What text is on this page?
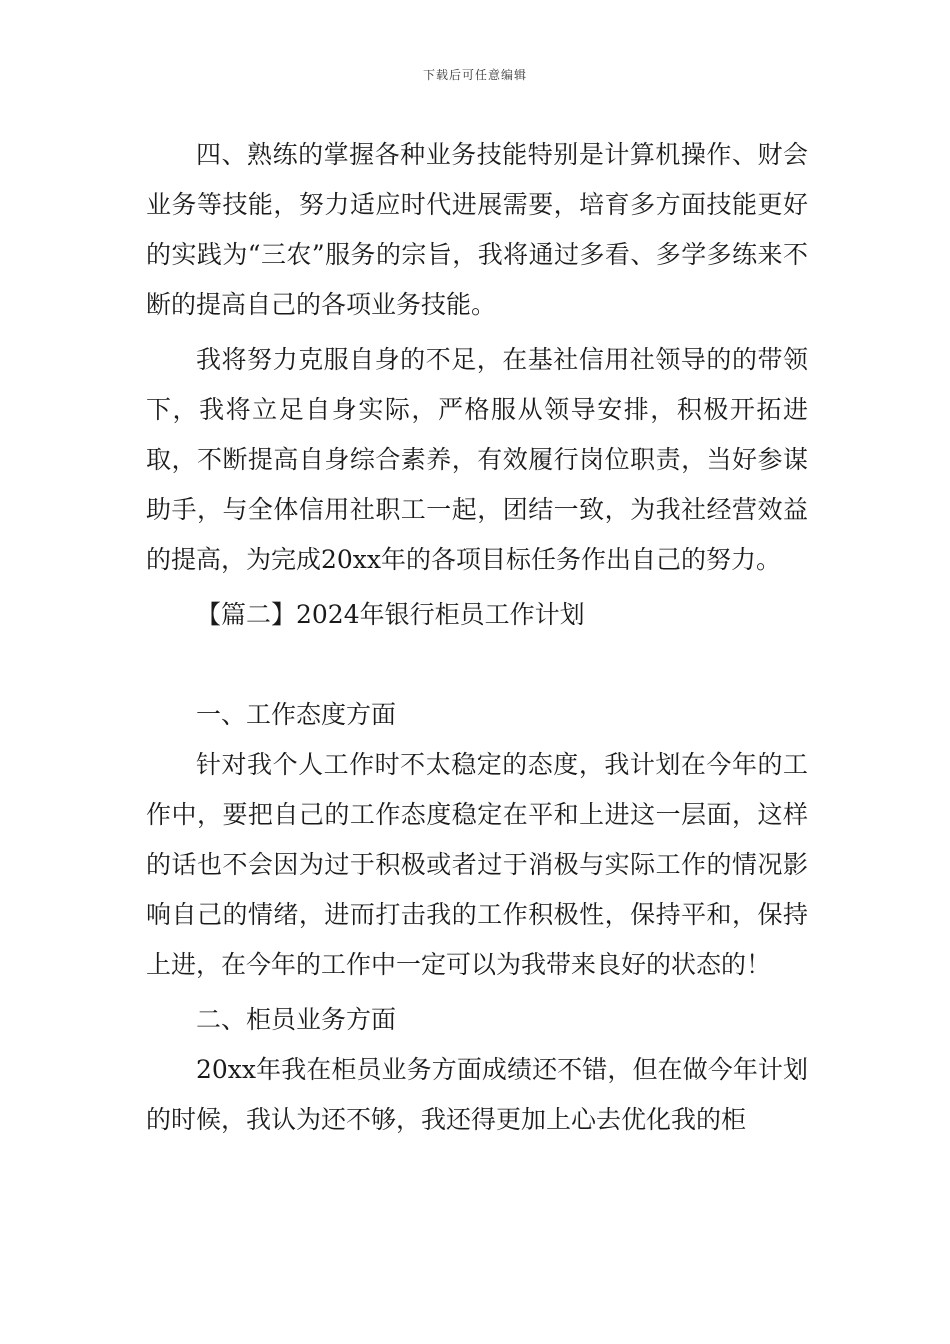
下载后可任意编辑

四、熟练的掌握各种业务技能特别是计算机操作、财会业务等技能，努力适应时代进展需要，培育多方面技能更好的实践为“三农”服务的宗旨，我将通过多看、多学多练来不断的提高自己的各项业务技能。

我将努力克服自身的不足，在基社信用社领导的的带领下，我将立足自身实际，严格服从领导安排，积极开拓进取，不断提高自身综合素养，有效履行岗位职责，当好参谋助手，与全体信用社职工一起，团结一致，为我社经营效益的提高，为完成20xx年的各项目标任务作出自己的努力。

【篇二】2024年银行柜员工作计划

一、工作态度方面

针对我个人工作时不太稳定的态度，我计划在今年的工作中，要把自己的工作态度稳定在平和上进这一层面，这样的话也不会因为过于积极或者过于消极与实际工作的情况影响自己的情绪，进而打击我的工作积极性，保持平和，保持上进，在今年的工作中一定可以为我带来良好的状态的！

二、柜员业务方面

20xx年我在柜员业务方面成绩还不错，但在做今年计划的时候，我认为还不够，我还得更加上心去优化我的柜
